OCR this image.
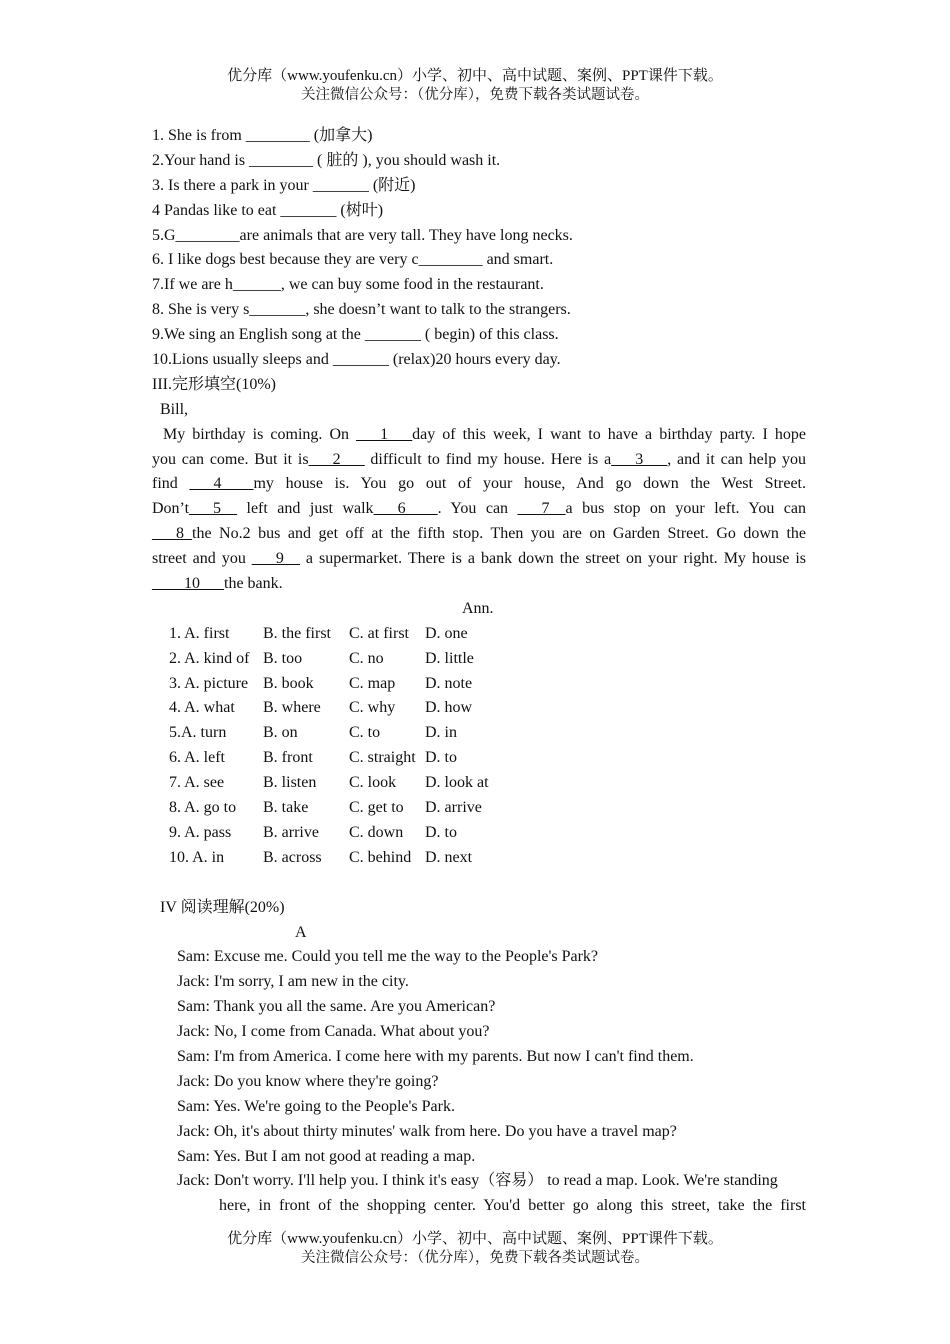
优分库（www.youfenku.cn）小学、初中、高中试题、案例、PPT课件下载。
关注微信公众号：（优分库），免费下载各类试题试卷。
1. She is from ________ (加拿大)
2.Your hand is ________ ( 脏的 ), you should wash it.
3. Is there a park in your _______ (附近)
4 Pandas like to eat _______ (树叶)
5.G________are animals that are very tall. They have long necks.
6. I like dogs best because they are very c________ and smart.
7.If we are h______, we can buy some food in the restaurant.
8. She is very s_______, she doesn’t want to talk to the strangers.
9.We sing an English song at the _______ ( begin) of this class.
10.Lions usually sleeps and _______ (relax)20 hours every day.
III.完形填空(10%)
Bill,
My birthday is coming. On ___1___day of this week, I want to have a birthday party. I hope
you can come. But it is___2___ difficult to find my house. Here is a___3___, and it can help you
find ___4____my house is. You go out of your house, And go down the West Street.
Don’t___5__ left and just walk___6____. You can ___7__a bus stop on your left. You can
___8_the No.2 bus and get off at the fifth stop. Then you are on Garden Street. Go down the
street and you ___9__ a supermarket. There is a bank down the street on your right. My house is
____10___the bank.
Ann.
1. A. first B. the first C. at first D. one
2. A. kind of B. too	C. no	D. little
3. A. picture B. book C. map D. note
4. A. what B. where C. why D. how
5.A. turn B. on	C. to	D. in
6. A. left B. front C. straight D. to
7. A. see B. listen C. look D. look at
8. A. go to B. take	C. get to D. arrive
9. A. pass B. arrive C. down D. to
10. A. in B. across C. behind D. next
IV 阅读理解(20%)
A
Sam: Excuse me. Could you tell me the way to the People's Park?
Jack: I'm sorry, I am new in the city.
Sam: Thank you all the same. Are you American?
Jack: No, I come from Canada. What about you?
Sam: I'm from America. I come here with my parents. But now I can't find them.
Jack: Do you know where they're going?
Sam: Yes. We're going to the People's Park.
Jack: Oh, it's about thirty minutes' walk from here. Do you have a travel map?
Sam: Yes. But I am not good at reading a map.
Jack: Don't worry. I'll help you. I think it's easy（容易） to read a map. Look. We're standing
here, in front of the shopping center. You'd better go along this street, take the first
优分库（www.youfenku.cn）小学、初中、高中试题、案例、PPT课件下载。
关注微信公众号：（优分库），免费下载各类试题试卷。
